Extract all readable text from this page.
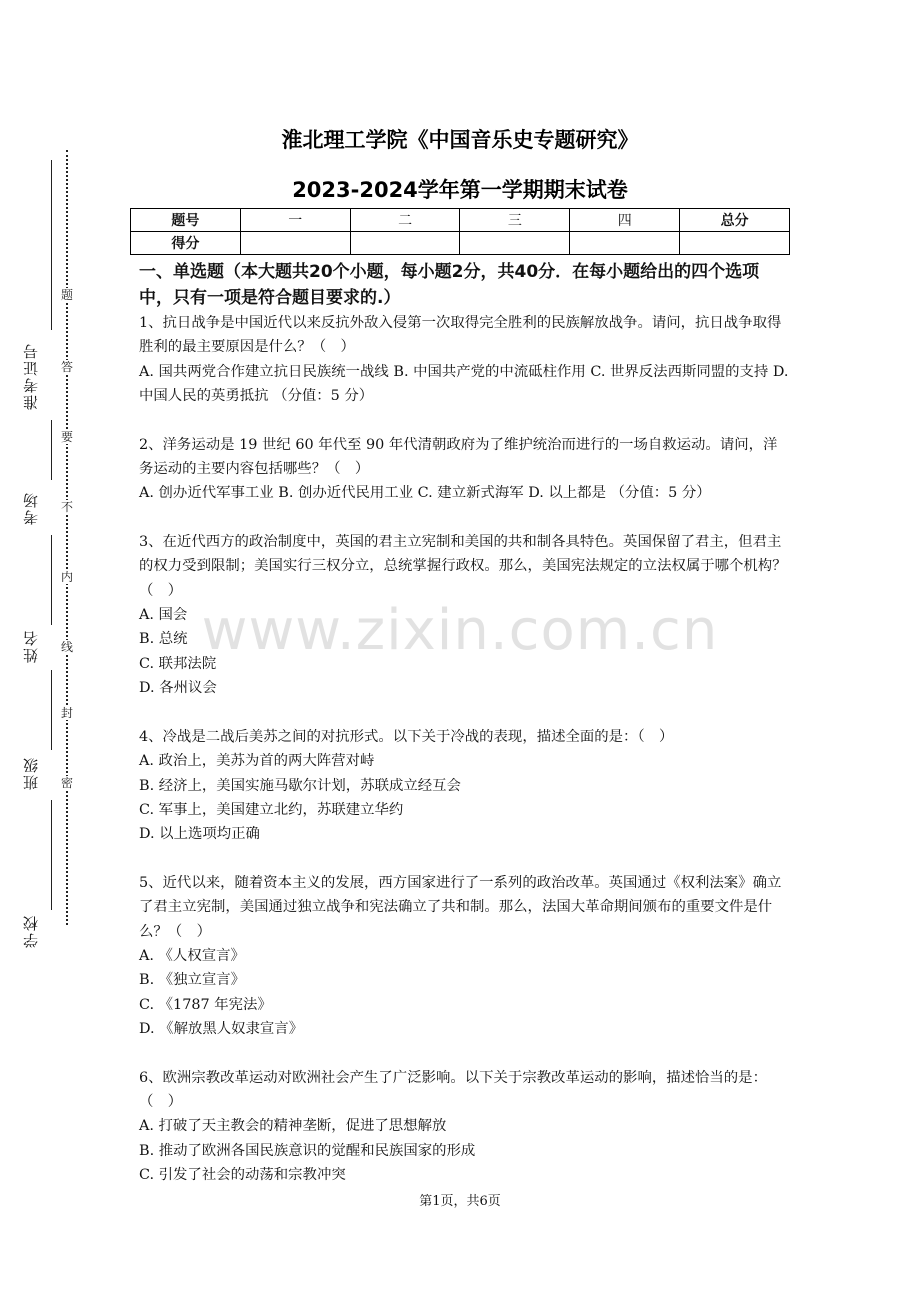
题
答
要
不
内
线
封
密
准考证号
考场
姓名
班级
学校
淮北理工学院《中国音乐史专题研究》
2023-2024学年第一学期期末试卷
题号	一	二	三	四	总分
得分					
一、单选题（本大题共20个小题，每小题2分，共40分．在每小题给出的四个选项中，只有一项是符合题目要求的.）

1、抗日战争是中国近代以来反抗外敌入侵第一次取得完全胜利的民族解放战争。请问，抗日战争取得胜利的最主要原因是什么？（　）

A. 国共两党合作建立抗日民族统一战线 B. 中国共产党的中流砥柱作用 C. 世界反法西斯同盟的支持 D. 中国人民的英勇抵抗 （分值：5 分）

2、洋务运动是 19 世纪 60 年代至 90 年代清朝政府为了维护统治而进行的一场自救运动。请问，洋务运动的主要内容包括哪些？（　）

A. 创办近代军事工业 B. 创办近代民用工业 C. 建立新式海军 D. 以上都是 （分值：5 分）

3、在近代西方的政治制度中，英国的君主立宪制和美国的共和制各具特色。英国保留了君主，但君主的权力受到限制；美国实行三权分立，总统掌握行政权。那么，美国宪法规定的立法权属于哪个机构？（　）

A. 国会

B. 总统

C. 联邦法院

D. 各州议会

4、冷战是二战后美苏之间的对抗形式。以下关于冷战的表现，描述全面的是：（　）

A. 政治上，美苏为首的两大阵营对峙

B. 经济上，美国实施马歇尔计划，苏联成立经互会

C. 军事上，美国建立北约，苏联建立华约

D. 以上选项均正确

5、近代以来，随着资本主义的发展，西方国家进行了一系列的政治改革。英国通过《权利法案》确立了君主立宪制，美国通过独立战争和宪法确立了共和制。那么，法国大革命期间颁布的重要文件是什么？（　）

A. 《人权宣言》

B. 《独立宣言》

C. 《1787 年宪法》

D. 《解放黑人奴隶宣言》

6、欧洲宗教改革运动对欧洲社会产生了广泛影响。以下关于宗教改革运动的影响，描述恰当的是：（　）

A. 打破了天主教会的精神垄断，促进了思想解放

B. 推动了欧洲各国民族意识的觉醒和民族国家的形成

C. 引发了社会的动荡和宗教冲突

www.zixin.com.cn
第1页，共6页
